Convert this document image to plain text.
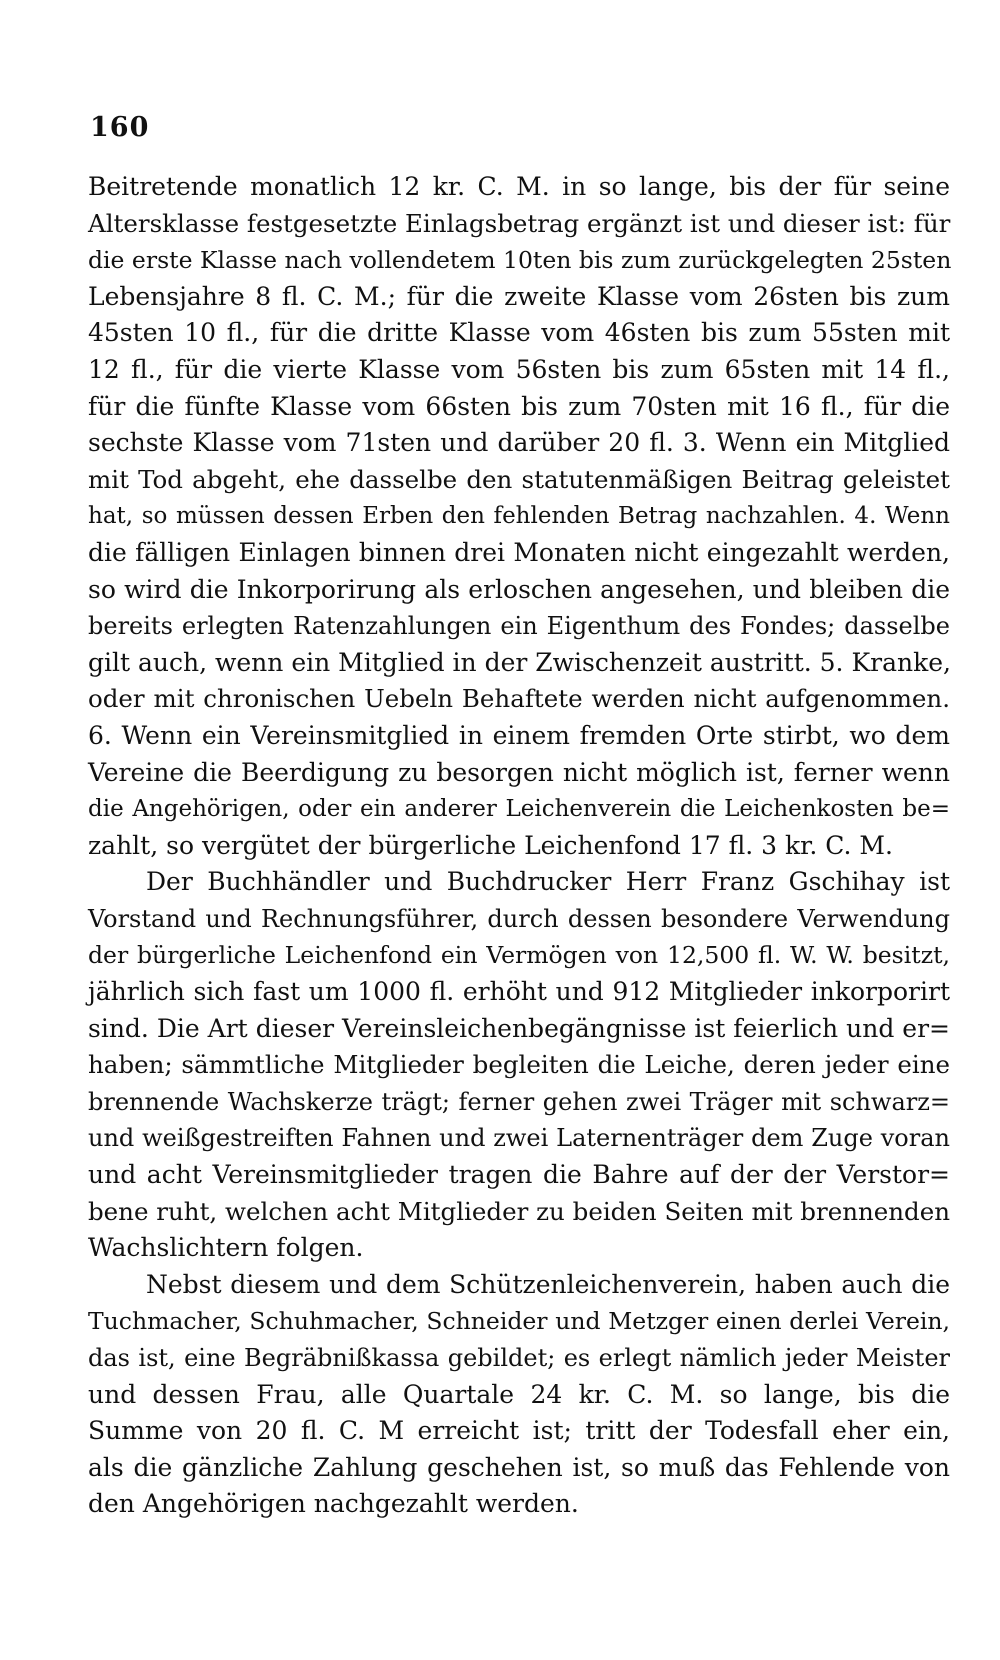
160
Beitretende monatlich 12 kr. C. M. in so lange, bis der für seine
Altersklasse festgesetzte Einlagsbetrag ergänzt ist und dieser ist: für
die erste Klasse nach vollendetem 10ten bis zum zurückgelegten 25sten
Lebensjahre 8 fl. C. M.; für die zweite Klasse vom 26sten bis zum
45sten 10 fl., für die dritte Klasse vom 46sten bis zum 55sten mit
12 fl., für die vierte Klasse vom 56sten bis zum 65sten mit 14 fl.,
für die fünfte Klasse vom 66sten bis zum 70sten mit 16 fl., für die
sechste Klasse vom 71sten und darüber 20 fl. 3. Wenn ein Mitglied
mit Tod abgeht, ehe dasselbe den statutenmäßigen Beitrag geleistet
hat, so müssen dessen Erben den fehlenden Betrag nachzahlen. 4. Wenn
die fälligen Einlagen binnen drei Monaten nicht eingezahlt werden,
so wird die Inkorporirung als erloschen angesehen, und bleiben die
bereits erlegten Ratenzahlungen ein Eigenthum des Fondes; dasselbe
gilt auch, wenn ein Mitglied in der Zwischenzeit austritt. 5. Kranke,
oder mit chronischen Uebeln Behaftete werden nicht aufgenommen.
6. Wenn ein Vereinsmitglied in einem fremden Orte stirbt, wo dem
Vereine die Beerdigung zu besorgen nicht möglich ist, ferner wenn
die Angehörigen, oder ein anderer Leichenverein die Leichenkosten be=
zahlt, so vergütet der bürgerliche Leichenfond 17 fl. 3 kr. C. M.
Der Buchhändler und Buchdrucker Herr Franz Gschihay ist
Vorstand und Rechnungsführer, durch dessen besondere Verwendung
der bürgerliche Leichenfond ein Vermögen von 12,500 fl. W. W. besitzt,
jährlich sich fast um 1000 fl. erhöht und 912 Mitglieder inkorporirt
sind. Die Art dieser Vereinsleichenbegängnisse ist feierlich und er=
haben; sämmtliche Mitglieder begleiten die Leiche, deren jeder eine
brennende Wachskerze trägt; ferner gehen zwei Träger mit schwarz=
und weißgestreiften Fahnen und zwei Laternenträger dem Zuge voran
und acht Vereinsmitglieder tragen die Bahre auf der der Verstor=
bene ruht, welchen acht Mitglieder zu beiden Seiten mit brennenden
Wachslichtern folgen.
Nebst diesem und dem Schützenleichenverein, haben auch die
Tuchmacher, Schuhmacher, Schneider und Metzger einen derlei Verein,
das ist, eine Begräbnißkassa gebildet; es erlegt nämlich jeder Meister
und dessen Frau, alle Quartale 24 kr. C. M. so lange, bis die
Summe von 20 fl. C. M erreicht ist; tritt der Todesfall eher ein,
als die gänzliche Zahlung geschehen ist, so muß das Fehlende von
den Angehörigen nachgezahlt werden.
